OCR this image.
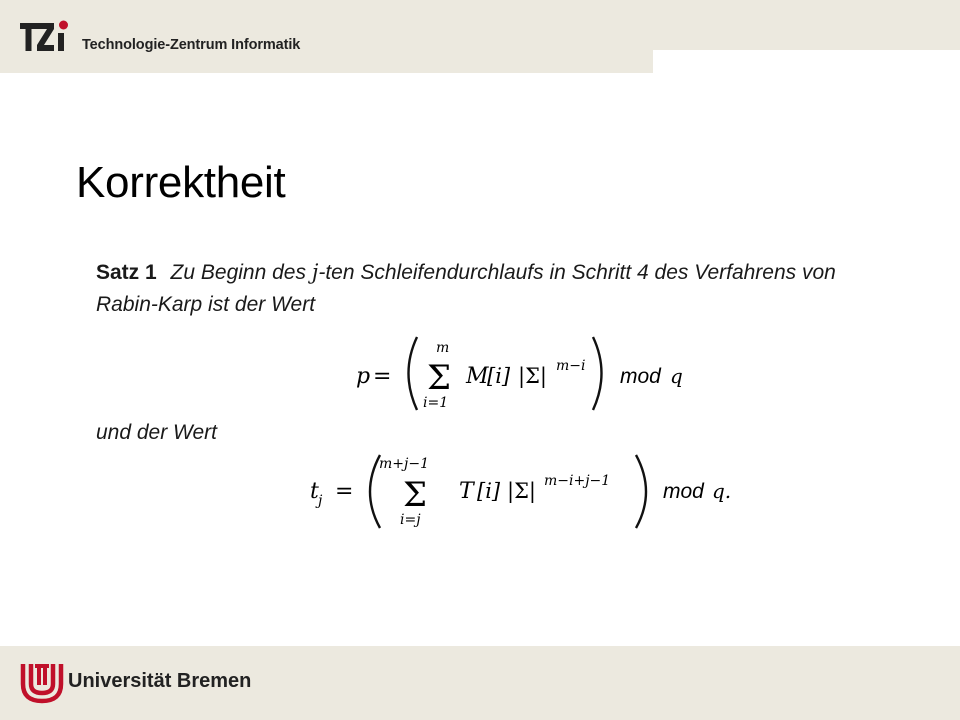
Technologie-Zentrum Informatik
Korrektheit
Satz 1 Zu Beginn des j-ten Schleifendurchlaufs in Schritt 4 des Verfahrens von
Rabin-Karp ist der Wert
und der Wert
p =
m
Σ
i=1
M
[i] |Σ| m−i mod q
t j =
m+j−1
Σ
i=j
T [i] |Σ| m−i+j−1	mod q.
Universität Bremen
